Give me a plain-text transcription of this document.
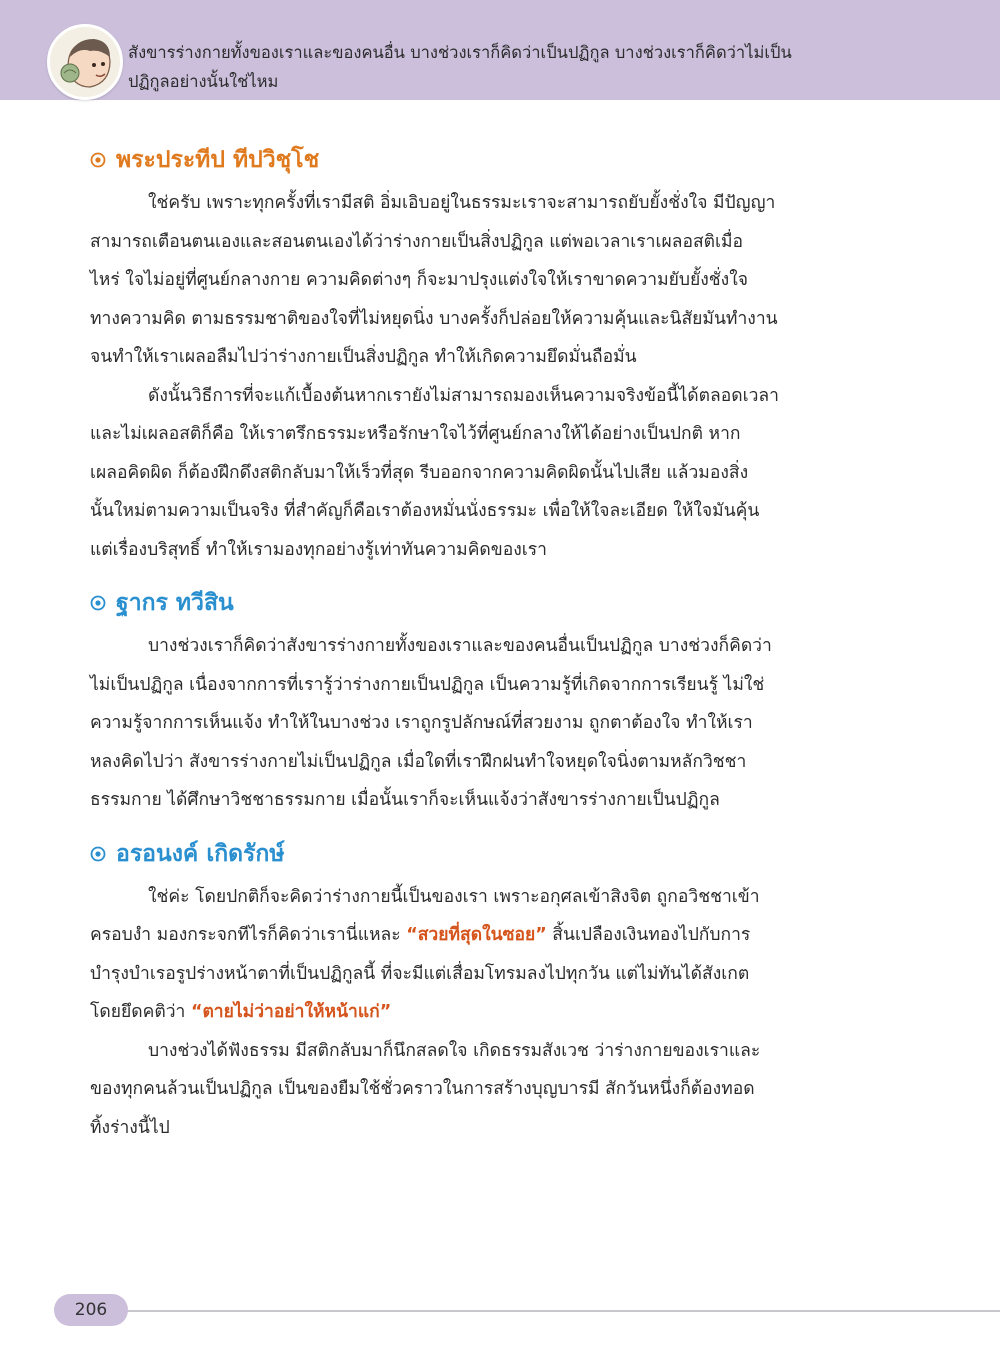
สังขารร่างกายทั้งของเราและของคนอื่น บางช่วงเราก็คิดว่าเป็นปฏิกูล บางช่วงเราก็คิดว่าไม่เป็น
ปฏิกูลอย่างนั้นใช่ไหม
พระประทีป ทีปวิชุโช
ใช่ครับ เพราะทุกครั้งที่เรามีสติ อิ่มเอิบอยู่ในธรรมะเราจะสามารถยับยั้งชั่งใจ มีปัญญา
สามารถเตือนตนเองและสอนตนเองได้ว่าร่างกายเป็นสิ่งปฏิกูล แต่พอเวลาเราเผลอสติเมื่อ
ไหร่ ใจไม่อยู่ที่ศูนย์กลางกาย ความคิดต่างๆ ก็จะมาปรุงแต่งใจให้เราขาดความยับยั้งชั่งใจ
ทางความคิด ตามธรรมชาติของใจที่ไม่หยุดนิ่ง บางครั้งก็ปล่อยให้ความคุ้นและนิสัยมันทำงาน
จนทำให้เราเผลอลืมไปว่าร่างกายเป็นสิ่งปฏิกูล ทำให้เกิดความยึดมั่นถือมั่น
ดังนั้นวิธีการที่จะแก้เบื้องต้นหากเรายังไม่สามารถมองเห็นความจริงข้อนี้ได้ตลอดเวลา
และไม่เผลอสติก็คือ ให้เราตรึกธรรมะหรือรักษาใจไว้ที่ศูนย์กลางให้ได้อย่างเป็นปกติ หาก
เผลอคิดผิด ก็ต้องฝึกดึงสติกลับมาให้เร็วที่สุด รีบออกจากความคิดผิดนั้นไปเสีย แล้วมองสิ่ง
นั้นใหม่ตามความเป็นจริง ที่สำคัญก็คือเราต้องหมั่นนั่งธรรมะ เพื่อให้ใจละเอียด ให้ใจมันคุ้น
แต่เรื่องบริสุทธิ์ ทำให้เรามองทุกอย่างรู้เท่าทันความคิดของเรา
ฐากร ทวีสิน
บางช่วงเราก็คิดว่าสังขารร่างกายทั้งของเราและของคนอื่นเป็นปฏิกูล บางช่วงก็คิดว่า
ไม่เป็นปฏิกูล เนื่องจากการที่เรารู้ว่าร่างกายเป็นปฏิกูล เป็นความรู้ที่เกิดจากการเรียนรู้ ไม่ใช่
ความรู้จากการเห็นแจ้ง ทำให้ในบางช่วง เราถูกรูปลักษณ์ที่สวยงาม ถูกตาต้องใจ ทำให้เรา
หลงคิดไปว่า สังขารร่างกายไม่เป็นปฏิกูล เมื่อใดที่เราฝึกฝนทำใจหยุดใจนิ่งตามหลักวิชชา
ธรรมกาย ได้ศึกษาวิชชาธรรมกาย เมื่อนั้นเราก็จะเห็นแจ้งว่าสังขารร่างกายเป็นปฏิกูล
อรอนงค์ เกิดรักษ์
ใช่ค่ะ โดยปกติก็จะคิดว่าร่างกายนี้เป็นของเรา เพราะอกุศลเข้าสิงจิต ถูกอวิชชาเข้า
ครอบงำ มองกระจกทีไรก็คิดว่าเรานี่แหละ “สวยที่สุดในซอย” สิ้นเปลืองเงินทองไปกับการ
บำรุงบำเรอรูปร่างหน้าตาที่เป็นปฏิกูลนี้ ที่จะมีแต่เสื่อมโทรมลงไปทุกวัน แต่ไม่ทันได้สังเกต
โดยยึดคติว่า “ตายไม่ว่าอย่าให้หน้าแก่”
บางช่วงได้ฟังธรรม มีสติกลับมาก็นึกสลดใจ เกิดธรรมสังเวช ว่าร่างกายของเราและ
ของทุกคนล้วนเป็นปฏิกูล เป็นของยืมใช้ชั่วคราวในการสร้างบุญบารมี สักวันหนึ่งก็ต้องทอด
ทิ้งร่างนี้ไป
206
